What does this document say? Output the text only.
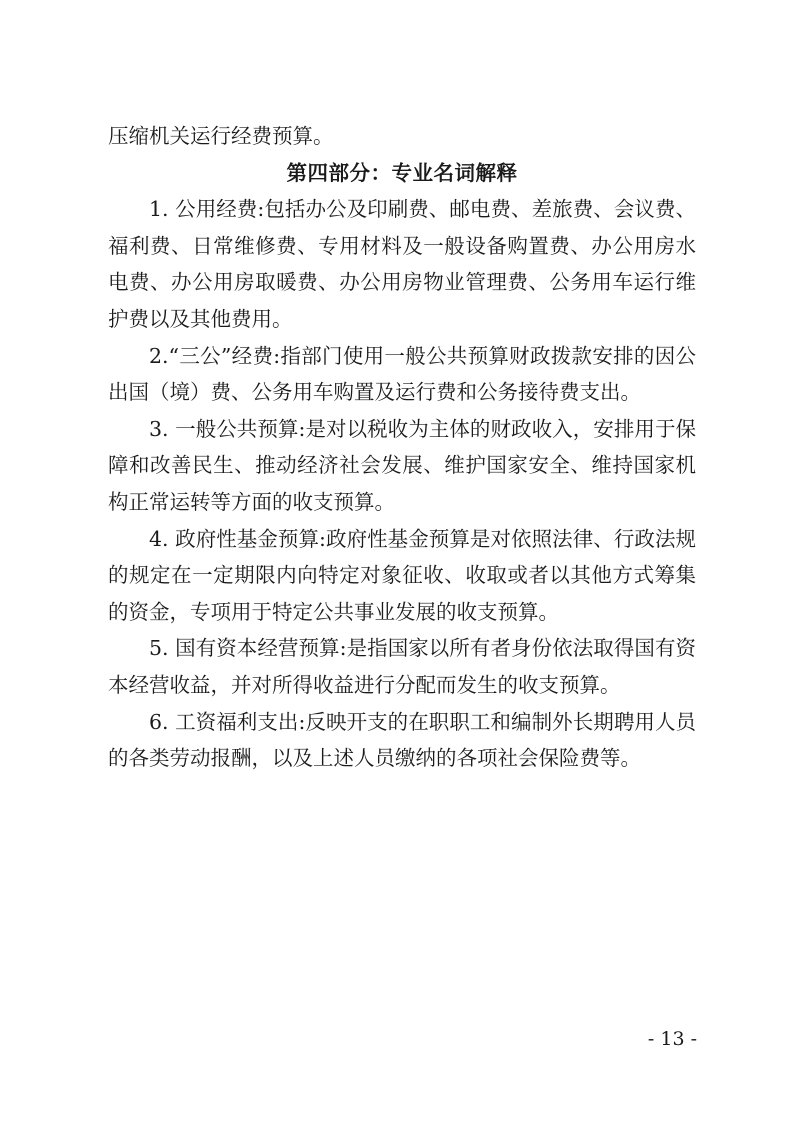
压缩机关运行经费预算。

第四部分：专业名词解释

1. 公用经费:包括办公及印刷费、邮电费、差旅费、会议费、福利费、日常维修费、专用材料及一般设备购置费、办公用房水电费、办公用房取暖费、办公用房物业管理费、公务用车运行维护费以及其他费用。

2.“三公”经费:指部门使用一般公共预算财政拨款安排的因公出国（境）费、公务用车购置及运行费和公务接待费支出。

3. 一般公共预算:是对以税收为主体的财政收入，安排用于保障和改善民生、推动经济社会发展、维护国家安全、维持国家机构正常运转等方面的收支预算。

4. 政府性基金预算:政府性基金预算是对依照法律、行政法规的规定在一定期限内向特定对象征收、收取或者以其他方式筹集的资金，专项用于特定公共事业发展的收支预算。

5. 国有资本经营预算:是指国家以所有者身份依法取得国有资本经营收益，并对所得收益进行分配而发生的收支预算。

6. 工资福利支出:反映开支的在职职工和编制外长期聘用人员的各类劳动报酬，以及上述人员缴纳的各项社会保险费等。

- 13 -
